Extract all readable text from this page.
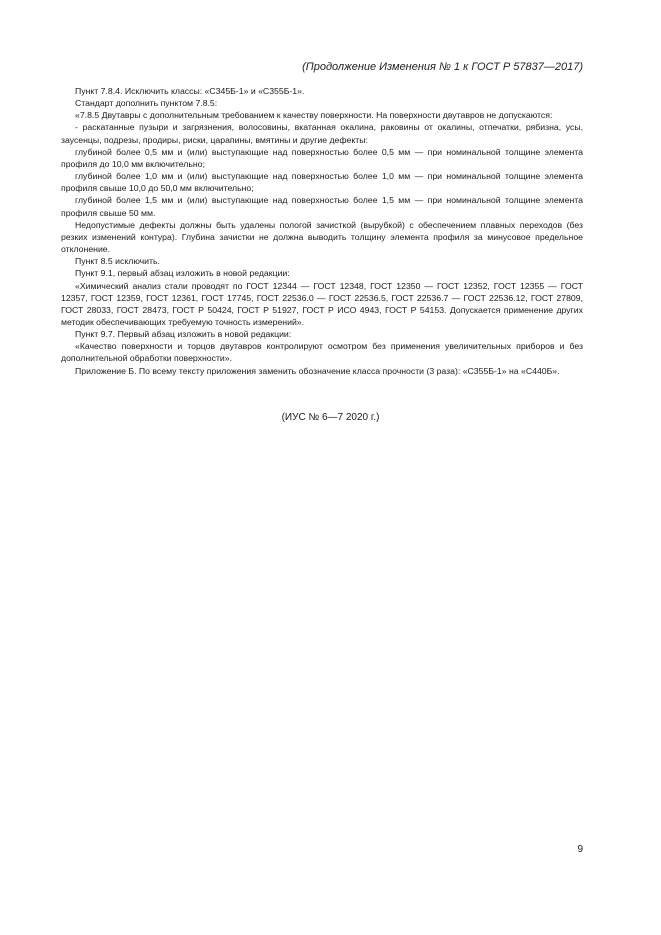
(Продолжение Изменения № 1 к ГОСТ Р 57837—2017)

Пункт 7.8.4. Исключить классы: «С345Б-1» и «С355Б-1».

Стандарт дополнить пунктом 7.8.5:

«7.8.5 Двутавры с дополнительным требованием к качеству поверхности. На поверхности двутавров не допускаются:

- раскатанные пузыри и загрязнения, волосовины, вкатанная окалина, раковины от окалины, отпечатки, рябизна, усы, заусенцы, подрезы, продиры, риски, царапины, вмятины и другие дефекты:

глубиной более 0,5 мм и (или) выступающие над поверхностью более 0,5 мм — при номинальной толщине элемента профиля до 10,0 мм включительно;

глубиной более 1,0 мм и (или) выступающие над поверхностью более 1,0 мм — при номинальной толщине элемента профиля свыше 10,0 до 50,0 мм включительно;

глубиной более 1,5 мм и (или) выступающие над поверхностью более 1,5 мм — при номинальной толщине элемента профиля свыше 50 мм.

Недопустимые дефекты должны быть удалены пологой зачисткой (вырубкой) с обеспечением плавных переходов (без резких изменений контура). Глубина зачистки не должна выводить толщину элемента профиля за минусовое предельное отклонение.

Пункт 8.5 исключить.

Пункт 9.1, первый абзац изложить в новой редакции:

«Химический анализ стали проводят по ГОСТ 12344 — ГОСТ 12348, ГОСТ 12350 — ГОСТ 12352, ГОСТ 12355 — ГОСТ 12357, ГОСТ 12359, ГОСТ 12361, ГОСТ 17745, ГОСТ 22536.0 — ГОСТ 22536.5, ГОСТ 22536.7 — ГОСТ 22536.12, ГОСТ 27809, ГОСТ 28033, ГОСТ 28473, ГОСТ Р 50424, ГОСТ Р 51927, ГОСТ Р ИСО 4943, ГОСТ Р 54153. Допускается применение других методик обеспечивающих требуемую точность измерений».

Пункт 9.7. Первый абзац изложить в новой редакции:

«Качество поверхности и торцов двутавров контролируют осмотром без применения увеличительных приборов и без дополнительной обработки поверхности».

Приложение Б. По всему тексту приложения заменить обозначение класса прочности (3 раза): «С355Б-1» на «С440Б».

(ИУС № 6—7 2020 г.)
9
